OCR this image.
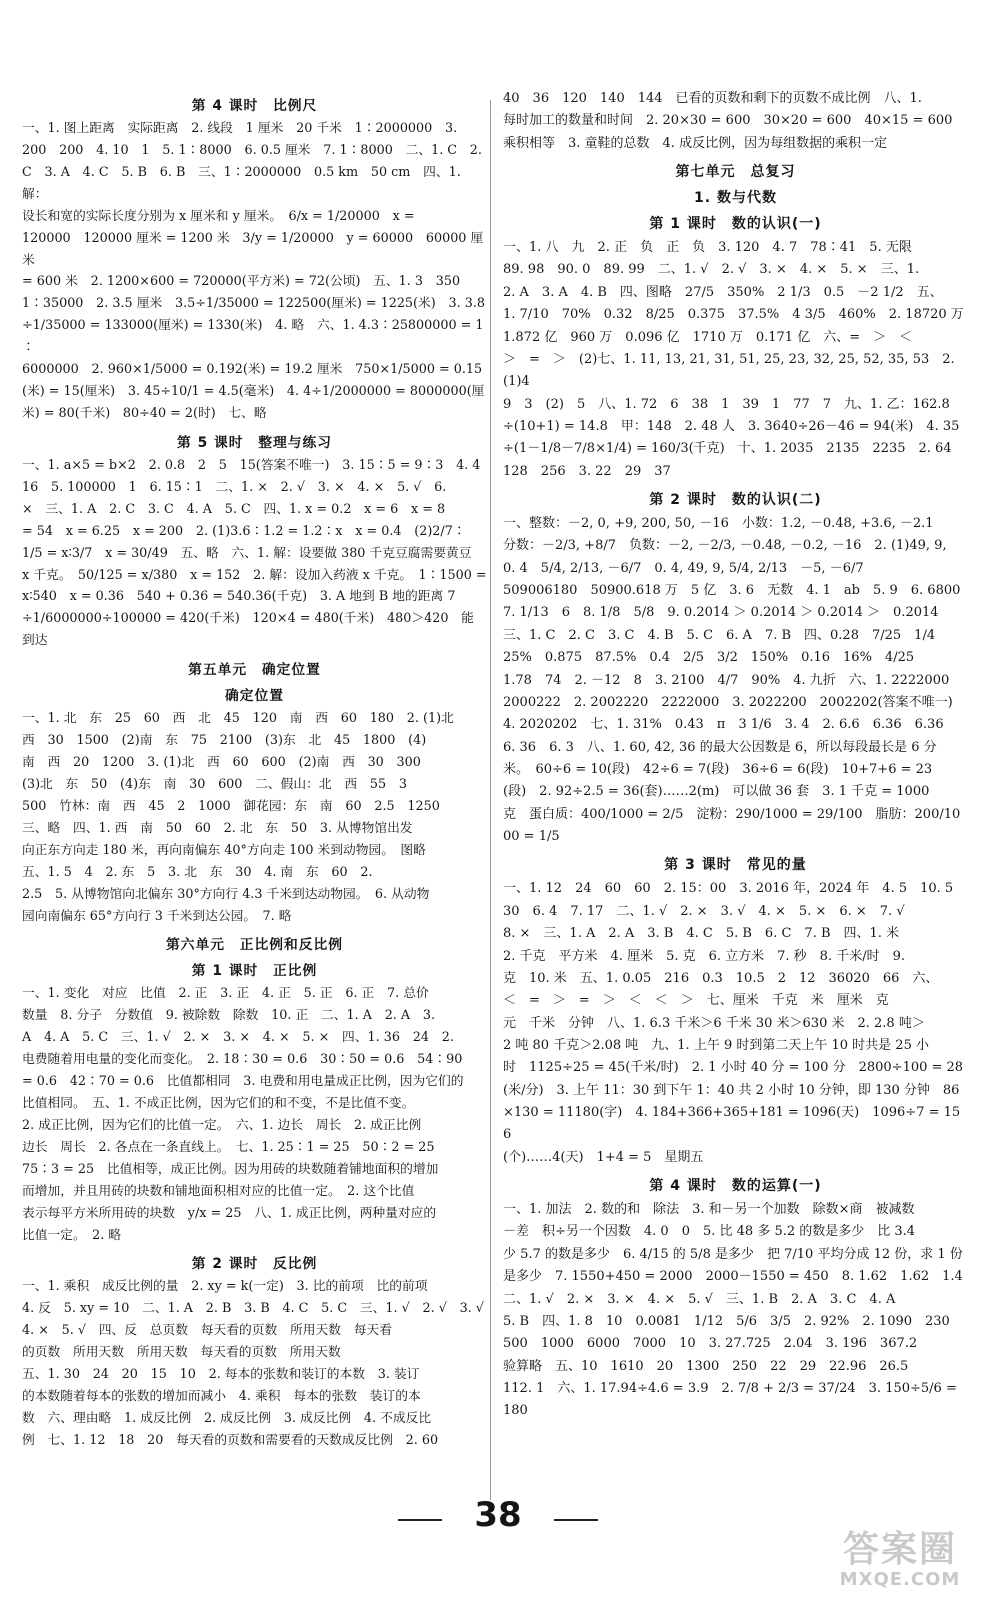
第 4 课时　比例尺
一、1. 图上距离　实际距离　2. 线段　1 厘米　20 千米　1∶2000000　3.
200　200　4. 10　1　5. 1∶8000　6. 0.5 厘米　7. 1∶8000　二、1. C　2.
C　3. A　4. C　5. B　6. B　三、1∶2000000　0.5 km　50 cm　四、1. 解：
设长和宽的实际长度分别为 x 厘米和 y 厘米。　6/x = 1/20000　x =
120000　120000 厘米 = 1200 米　3/y = 1/20000　y = 60000　60000 厘米
= 600 米　2. 1200×600 = 720000(平方米) = 72(公顷)　五、1. 3　350
1∶35000　2. 3.5 厘米　3.5÷1/35000 = 122500(厘米) = 1225(米)　3. 3.8
÷1/35000 = 133000(厘米) = 1330(米)　4. 略　六、1. 4.3∶25800000 = 1∶
6000000　2. 960×1/5000 = 0.192(米) = 19.2 厘米　750×1/5000 = 0.15
(米) = 15(厘米)　3. 45÷10/1 = 4.5(毫米)　4. 4÷1/2000000 = 8000000(厘
米) = 80(千米)　80÷40 = 2(时)　七、略
第 5 课时　整理与练习
一、1. a×5 = b×2　2. 0.8　2　5　15(答案不唯一)　3. 15∶5 = 9∶3　4. 4
16　5. 100000　1　6. 15∶1　二、1. ×　2. √　3. ×　4. ×　5. √　6.
×　三、1. A　2. C　3. C　4. A　5. C　四、1. x = 0.2　x = 6　x = 8
= 54　x = 6.25　x = 200　2. (1)3.6∶1.2 = 1.2∶x　x = 0.4　(2)2/7∶
1/5 = x∶3/7　x = 30/49　五、略　六、1. 解：设要做 380 千克豆腐需要黄豆
x 千克。　50/125 = x/380　x = 152　2. 解：设加入药液 x 千克。　1∶1500 =
x∶540　x = 0.36　540 + 0.36 = 540.36(千克)　3. A 地到 B 地的距离 7
÷1/6000000÷100000 = 420(千米)　120×4 = 480(千米)　480＞420　能
到达
第五单元　确定位置
确定位置
一、1. 北　东　25　60　西　北　45　120　南　西　60　180　2. (1)北
西　30　1500　(2)南　东　75　2100　(3)东　北　45　1800　(4)
南　西　20　1200　3. (1)北　西　60　600　(2)南　西　30　300
(3)北　东　50　(4)东　南　30　600　二、假山：北　西　55　3
500　竹林：南　西　45　2　1000　御花园：东　南　60　2.5　1250
三、略　四、1. 西　南　50　60　2. 北　东　50　3. 从博物馆出发
向正东方向走 180 米，再向南偏东 40°方向走 100 米到动物园。　图略
五、1. 5　4　2. 东　5　3. 北　东　30　4. 南　东　60　2.
2.5　5. 从博物馆向北偏东 30°方向行 4.3 千米到达动物园。　6. 从动物
园向南偏东 65°方向行 3 千米到达公园。　7. 略
第六单元　正比例和反比例
第 1 课时　正比例
一、1. 变化　对应　比值　2. 正　3. 正　4. 正　5. 正　6. 正　7. 总价
数量　8. 分子　分数值　9. 被除数　除数　10. 正　二、1. A　2. A　3.
A　4. A　5. C　三、1. √　2. ×　3. ×　4. ×　5. ×　四、1. 36　24　2.
电费随着用电量的变化而变化。　2. 18∶30 = 0.6　30∶50 = 0.6　54∶90
= 0.6　42∶70 = 0.6　比值都相同　3. 电费和用电量成正比例，因为它们的
比值相同。　五、1. 不成正比例，因为它们的和不变，不是比值不变。
2. 成正比例，因为它们的比值一定。　六、1. 边长　周长　2. 成正比例
边长　周长　2. 各点在一条直线上。　七、1. 25∶1 = 25　50∶2 = 25
75∶3 = 25　比值相等，成正比例。因为用砖的块数随着铺地面积的增加
而增加，并且用砖的块数和铺地面积相对应的比值一定。　2. 这个比值
表示每平方米所用砖的块数　y/x = 25　八、1. 成正比例，两种量对应的
比值一定。　2. 略
第 2 课时　反比例
一、1. 乘积　成反比例的量　2. xy = k(一定)　3. 比的前项　比的前项
4. 反　5. xy = 10　二、1. A　2. B　3. B　4. C　5. C　三、1. √　2. √　3. √
4. ×　5. √　四、反　总页数　每天看的页数　所用天数　每天看
的页数　所用天数　所用天数　每天看的页数　所用天数
五、1. 30　24　20　15　10　2. 每本的张数和装订的本数　3. 装订
的本数随着每本的张数的增加而减小　4. 乘积　每本的张数　装订的本
数　六、理由略　1. 成反比例　2. 成反比例　3. 成反比例　4. 不成反比
例　七、1. 12　18　20　每天看的页数和需要看的天数成反比例　2. 60
40　36　120　140　144　已看的页数和剩下的页数不成比例　八、1.
每时加工的数量和时间　2. 20×30 = 600　30×20 = 600　40×15 = 600
乘积相等　3. 童鞋的总数　4. 成反比例，因为每组数据的乘积一定
第七单元　总复习
1. 数与代数
第 1 课时　数的认识(一)
一、1. 八　九　2. 正　负　正　负　3. 120　4. 7　78∶41　5. 无限
89. 98　90. 0　89. 99　二、1. √　2. √　3. ×　4. ×　5. ×　三、1.
2. A　3. A　4. B　四、图略　27/5　350%　2 1/3　0.5　－2 1/2　五、
1. 7/10　70%　0.32　8/25　0.375　37.5%　4 3/5　460%　2. 18720 万
1.872 亿　960 万　0.096 亿　1710 万　0.171 亿　六、=　＞　＜
＞　=　＞　(2)七、1. 11, 13, 21, 31, 51, 25, 23, 32, 25, 52, 35, 53　2. (1)4
9　3　(2)　5　八、1. 72　6　38　1　39　1　77　7　九、1. 乙：162.8
÷(10+1) = 14.8　甲：148　2. 48 人　3. 3640÷26－46 = 94(米)　4. 35
÷(1－1/8－7/8×1/4) = 160/3(千克)　十、1. 2035　2135　2235　2. 64
128　256　3. 22　29　37
第 2 课时　数的认识(二)
一、整数：－2, 0, +9, 200, 50, －16　小数：1.2, －0.48, +3.6, －2.1
分数：－2/3, +8/7　负数：－2, －2/3, －0.48, －0.2, －16　2. (1)49, 9,
0. 4　5/4, 2/13, －6/7　0. 4, 49, 9, 5/4, 2/13　－5, －6/7
509006180　50900.618 万　5 亿　3. 6　无数　4. 1　ab　5. 9　6. 6800
7. 1/13　6　8. 1/8　5/8　9. 0.2014 ＞ 0.2014 ＞ 0.2014 ＞　0.2014
三、1. C　2. C　3. C　4. B　5. C　6. A　7. B　四、0.28　7/25　1/4
25%　0.875　87.5%　0.4　2/5　3/2　150%　0.16　16%　4/25
1.78　74　2. －12　8　3. 2100　4/7　90%　4. 九折　六、1. 2222000
2000222　2. 2002220　2222000　3. 2022200　2002202(答案不唯一)
4. 2020202　七、1. 31%　0.43　π　3 1/6　3. 4　2. 6.6　6.36　6.36
6. 36　6. 3　八、1. 60, 42, 36 的最大公因数是 6，所以每段最长是 6 分
米。　60÷6 = 10(段)　42÷6 = 7(段)　36÷6 = 6(段)　10+7+6 = 23
(段)　2. 92÷2.5 = 36(套)……2(m)　可以做 36 套　3. 1 千克 = 1000
克　蛋白质：400/1000 = 2/5　淀粉：290/1000 = 29/100　脂肪：200/1000 = 1/5
第 3 课时　常见的量
一、1. 12　24　60　60　2. 15：00　3. 2016 年，2024 年　4. 5　10. 5
30　6. 4　7. 17　二、1. √　2. ×　3. √　4. ×　5. ×　6. ×　7. √
8. ×　三、1. A　2. A　3. B　4. C　5. B　6. C　7. B　四、1. 米
2. 千克　平方米　4. 厘米　5. 克　6. 立方米　7. 秒　8. 千米/时　9.
克　10. 米　五、1. 0.05　216　0.3　10.5　2　12　36020　66　六、
＜　=　＞　=　＞　＜　＜　＞　七、厘米　千克　米　厘米　克
元　千米　分钟　八、1. 6.3 千米＞6 千米 30 米＞630 米　2. 2.8 吨＞
2 吨 80 千克＞2.08 吨　九、1. 上午 9 时到第二天上午 10 时共是 25 小
时　1125÷25 = 45(千米/时)　2. 1 小时 40 分 = 100 分　2800÷100 = 28
(米/分)　3. 上午 11：30 到下午 1：40 共 2 小时 10 分钟，即 130 分钟　86
×130 = 11180(字)　4. 184+366+365+181 = 1096(天)　1096÷7 = 156
(个)……4(天)　1+4 = 5　星期五
第 4 课时　数的运算(一)
一、1. 加法　2. 数的和　除法　3. 和－另一个加数　除数×商　被减数
－差　积÷另一个因数　4. 0　0　5. 比 48 多 5.2 的数是多少　比 3.4
少 5.7 的数是多少　6. 4/15 的 5/8 是多少　把 7/10 平均分成 12 份，求 1 份
是多少　7. 1550+450 = 2000　2000－1550 = 450　8. 1.62　1.62　1.4
二、1. √　2. ×　3. ×　4. ×　5. √　三、1. B　2. A　3. C　4. A
5. B　四、1. 8　10　0.0081　1/12　5/6　3/5　2. 92%　2. 1090　230
500　1000　6000　7000　10　3. 27.725　2.04　3. 196　367.2
验算略　五、10　1610　20　1300　250　22　29　22.96　26.5
112. 1　六、1. 17.94÷4.6 = 3.9　2. 7/8 + 2/3 = 37/24　3. 150÷5/6 = 180
38
答案圈
MXQE.COM
